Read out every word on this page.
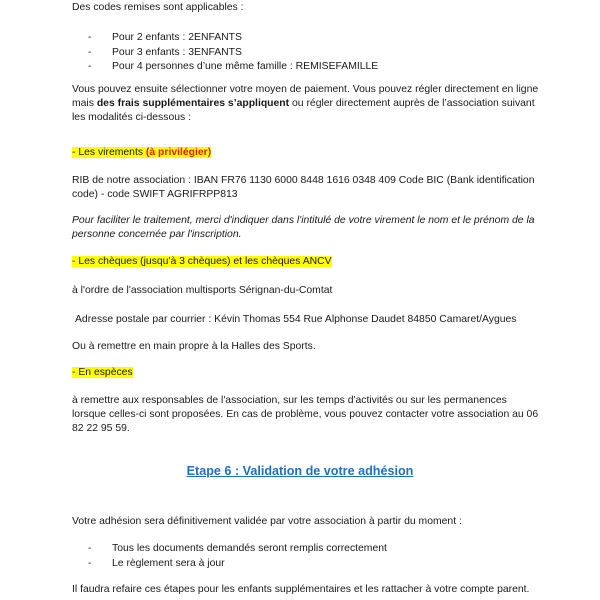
Des codes remises sont applicables :

- Pour 2 enfants : 2ENFANTS
- Pour 3 enfants : 3ENFANTS
- Pour 4 personnes d’une même famille : REMISEFAMILLE

Vous pouvez ensuite sélectionner votre moyen de paiement. Vous pouvez régler directement en ligne mais des frais supplémentaires s’appliquent ou régler directement auprès de l’association suivant les modalités ci-dessous :

- Les virements (à privilégier)

RIB de notre association : IBAN FR76 1130 6000 8448 1616 0348 409 Code BIC (Bank identification code) - code SWIFT AGRIFRPP813

Pour faciliter le traitement, merci d'indiquer dans l'intitulé de votre virement le nom et le prénom de la personne concernée par l'inscription.

- Les chèques (jusqu'à 3 chèques) et les chèques ANCV

à l'ordre de l'association multisports Sérignan-du-Comtat

Adresse postale par courrier : Kévin Thomas 554 Rue Alphonse Daudet 84850 Camaret/Aygues

Ou à remettre en main propre à la Halles des Sports.

- En espèces

à remettre aux responsables de l'association, sur les temps d'activités ou sur les permanences lorsque celles-ci sont proposées. En cas de problème, vous pouvez contacter votre association au 06 82 22 95 59.

Etape 6 : Validation de votre adhésion

Votre adhésion sera définitivement validée par votre association à partir du moment :

- Tous les documents demandés seront remplis correctement
- Le règlement sera à jour

Il faudra refaire ces étapes pour les enfants supplémentaires et les rattacher à votre compte parent.
